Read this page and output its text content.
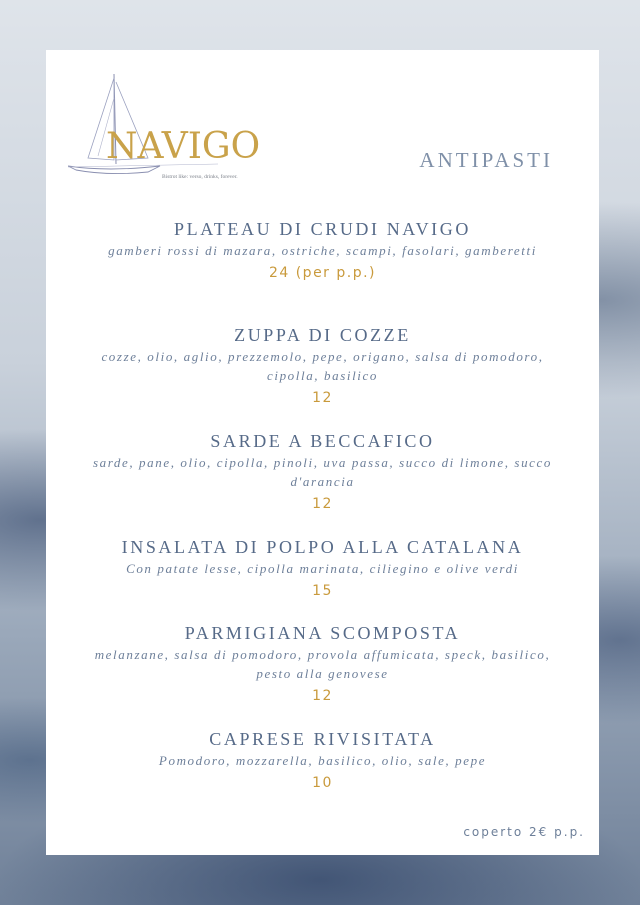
NAVIGO
Bistrot like: verso, drinks, forever.
ANTIPASTI
PLATEAU DI CRUDI NAVIGO
gamberi rossi di mazara, ostriche, scampi, fasolari, gamberetti
24 (per p.p.)
ZUPPA DI COZZE
cozze, olio, aglio, prezzemolo, pepe, origano, salsa di pomodoro, cipolla, basilico
12
SARDE A BECCAFICO
sarde, pane, olio, cipolla, pinoli, uva passa, succo di limone, succo d'arancia
12
INSALATA DI POLPO ALLA CATALANA
Con patate lesse, cipolla marinata, ciliegino e olive verdi
15
PARMIGIANA SCOMPOSTA
melanzane, salsa di pomodoro, provola affumicata, speck, basilico, pesto alla genovese
12
CAPRESE RIVISITATA
Pomodoro, mozzarella, basilico, olio, sale, pepe
10
coperto 2€ p.p.
